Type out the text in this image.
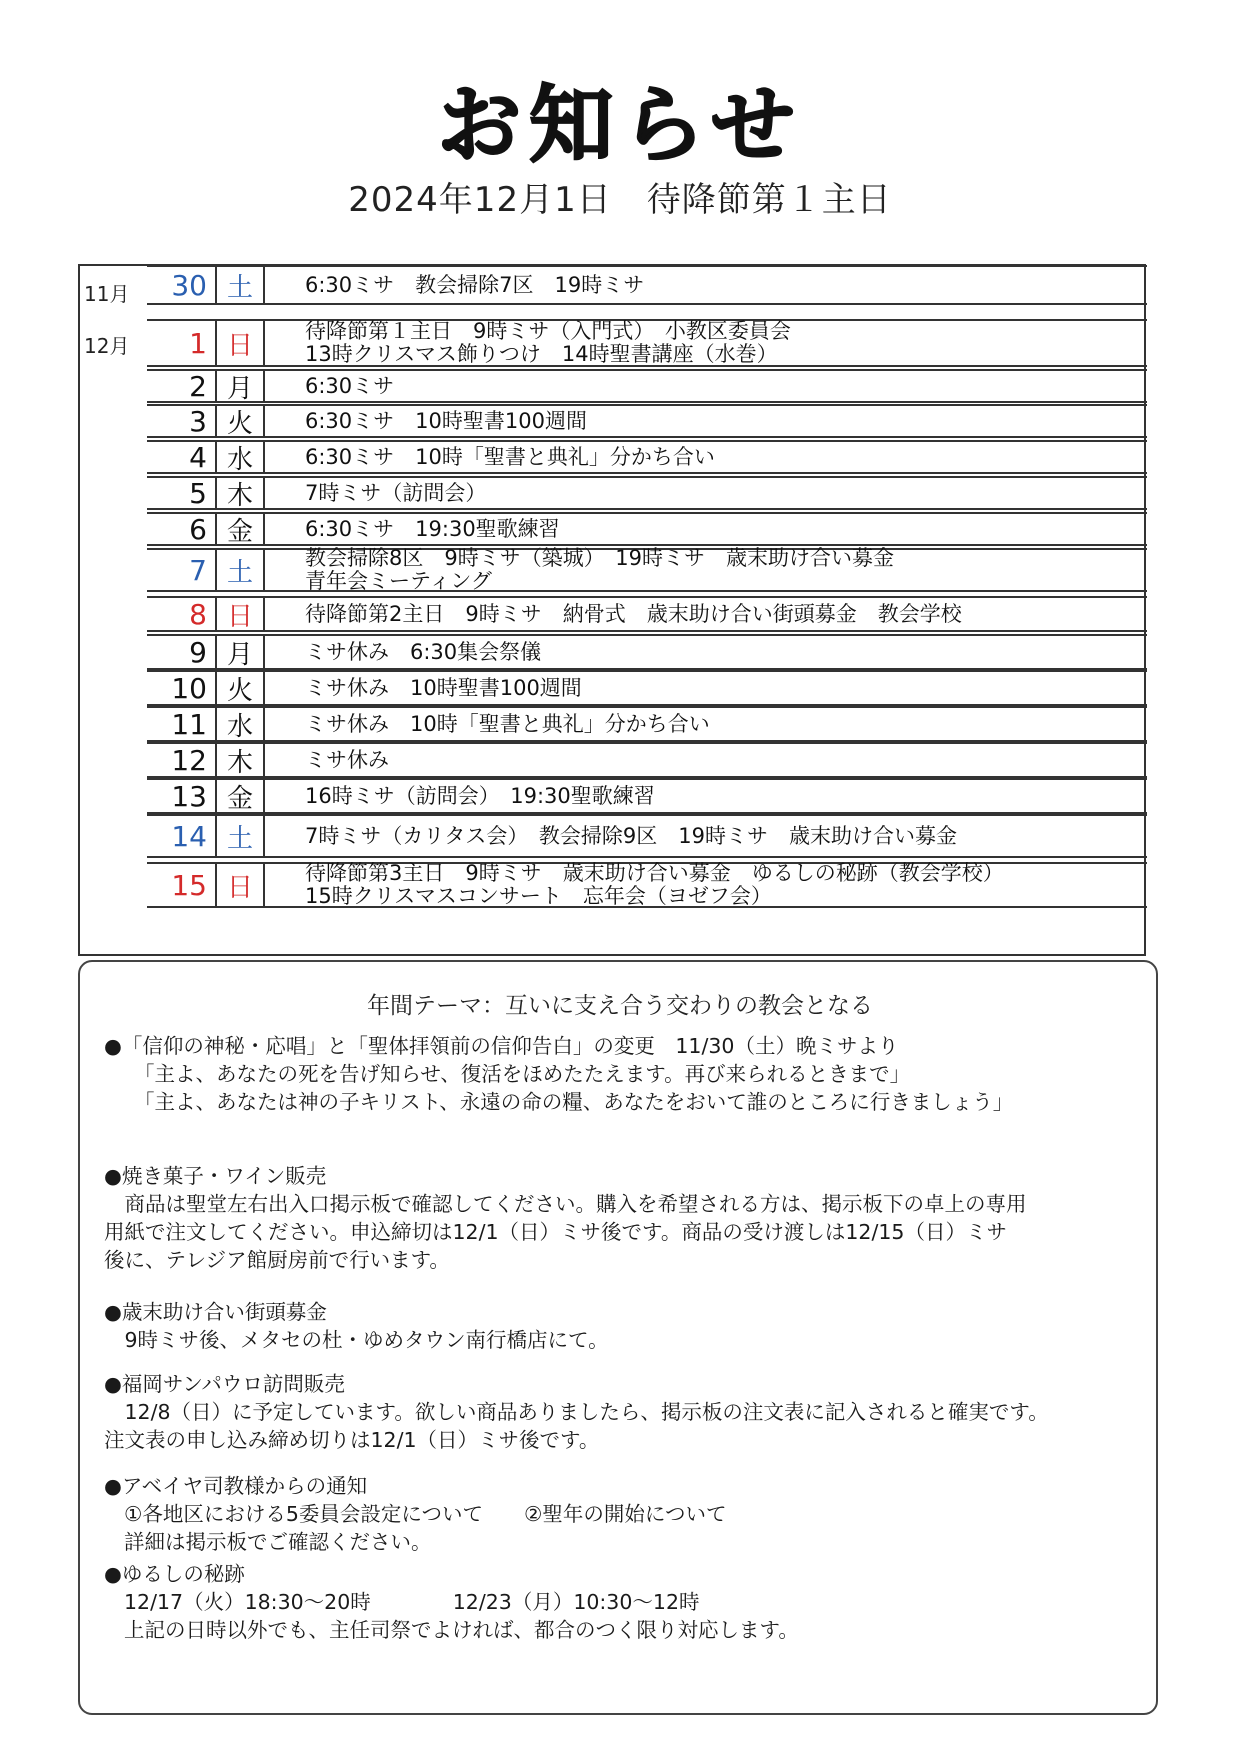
お知らせ
2024年12月1日　待降節第１主日
11月
12月
30 土	6:30ミサ　教会掃除7区　19時ミサ
1 日	待降節第１主日　9時ミサ（入門式）　小教区委員会
13時クリスマス飾りつけ　14時聖書講座（水巻）
2 月	6:30ミサ
3 火	6:30ミサ　10時聖書100週間
4 水	6:30ミサ　10時「聖書と典礼」分かち合い
5 木	7時ミサ（訪問会）
6 金	6:30ミサ　19:30聖歌練習
7 土	教会掃除8区　9時ミサ（築城）　19時ミサ　歳末助け合い募金
青年会ミーティング
8 日	待降節第2主日　9時ミサ　納骨式　歳末助け合い街頭募金　教会学校
9 月	ミサ休み　6:30集会祭儀
10 火	ミサ休み　10時聖書100週間
11 水	ミサ休み　10時「聖書と典礼」分かち合い
12 木	ミサ休み
13 金	16時ミサ（訪問会）　19:30聖歌練習
14 土	7時ミサ（カリタス会）　教会掃除9区　19時ミサ　歳末助け合い募金
15 日	待降節第3主日　9時ミサ　歳末助け合い募金　ゆるしの秘跡（教会学校）
15時クリスマスコンサート　忘年会（ヨゼフ会）
年間テーマ：互いに支え合う交わりの教会となる
●「信仰の神秘・応唱」と「聖体拝領前の信仰告白」の変更　11/30（土）晩ミサより
「主よ、あなたの死を告げ知らせ、復活をほめたたえます。再び来られるときまで」
「主よ、あなたは神の子キリスト、永遠の命の糧、あなたをおいて誰のところに行きましょう」
●焼き菓子・ワイン販売
　商品は聖堂左右出入口掲示板で確認してください。購入を希望される方は、掲示板下の卓上の専用
用紙で注文してください。申込締切は12/1（日）ミサ後です。商品の受け渡しは12/15（日）ミサ
後に、テレジア館厨房前で行います。
●歳末助け合い街頭募金
　9時ミサ後、メタセの杜・ゆめタウン南行橋店にて。
●福岡サンパウロ訪問販売
　12/8（日）に予定しています。欲しい商品ありましたら、掲示板の注文表に記入されると確実です。
注文表の申し込み締め切りは12/1（日）ミサ後です。
●アベイヤ司教様からの通知
①各地区における5委員会設定について　　②聖年の開始について
詳細は掲示板でご確認ください。
●ゆるしの秘跡
12/17（火）18:30～20時　　　　12/23（月）10:30～12時
上記の日時以外でも、主任司祭でよければ、都合のつく限り対応します。
